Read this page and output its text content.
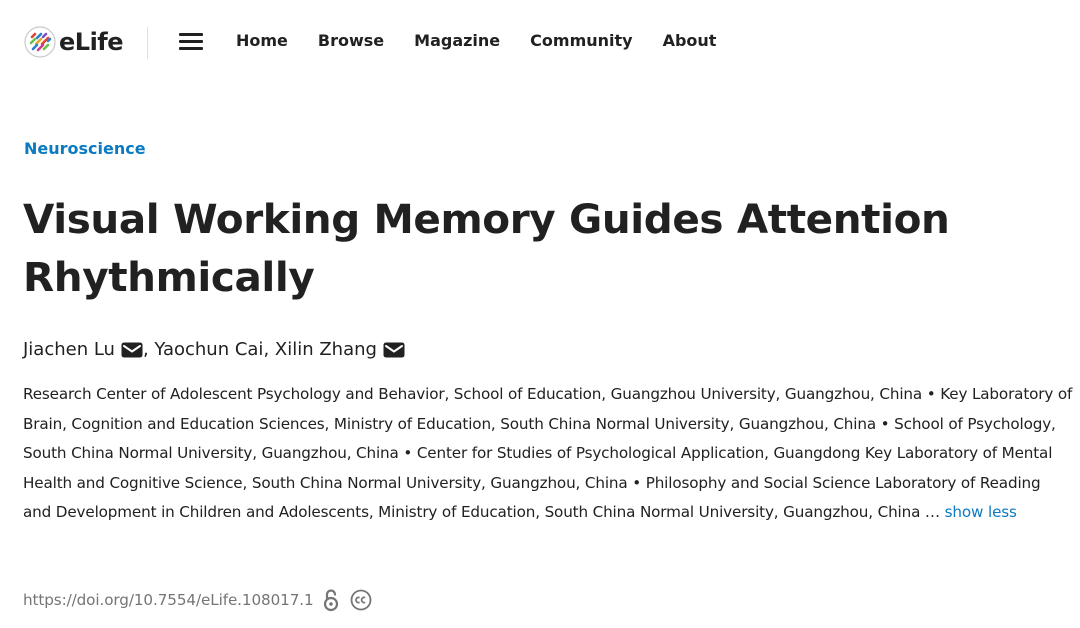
eLife	Home Browse Magazine Community About
Neuroscience
Visual Working Memory Guides Attention Rhythmically
Jiachen Lu , Yaochun Cai , Xilin Zhang

Research Center of Adolescent Psychology and Behavior, School of Education, Guangzhou University, Guangzhou, China • Key Laboratory of Brain, Cognition and Education Sciences, Ministry of Education, South China Normal University, Guangzhou, China • School of Psychology, South China Normal University, Guangzhou, China • Center for Studies of Psychological Application, Guangdong Key Laboratory of Mental Health and Cognitive Science, South China Normal University, Guangzhou, China • Philosophy and Social Science Laboratory of Reading and Development in Children and Adolescents, Ministry of Education, South China Normal University, Guangzhou, China … show less

https://doi.org/10.7554/eLife.108017.1
